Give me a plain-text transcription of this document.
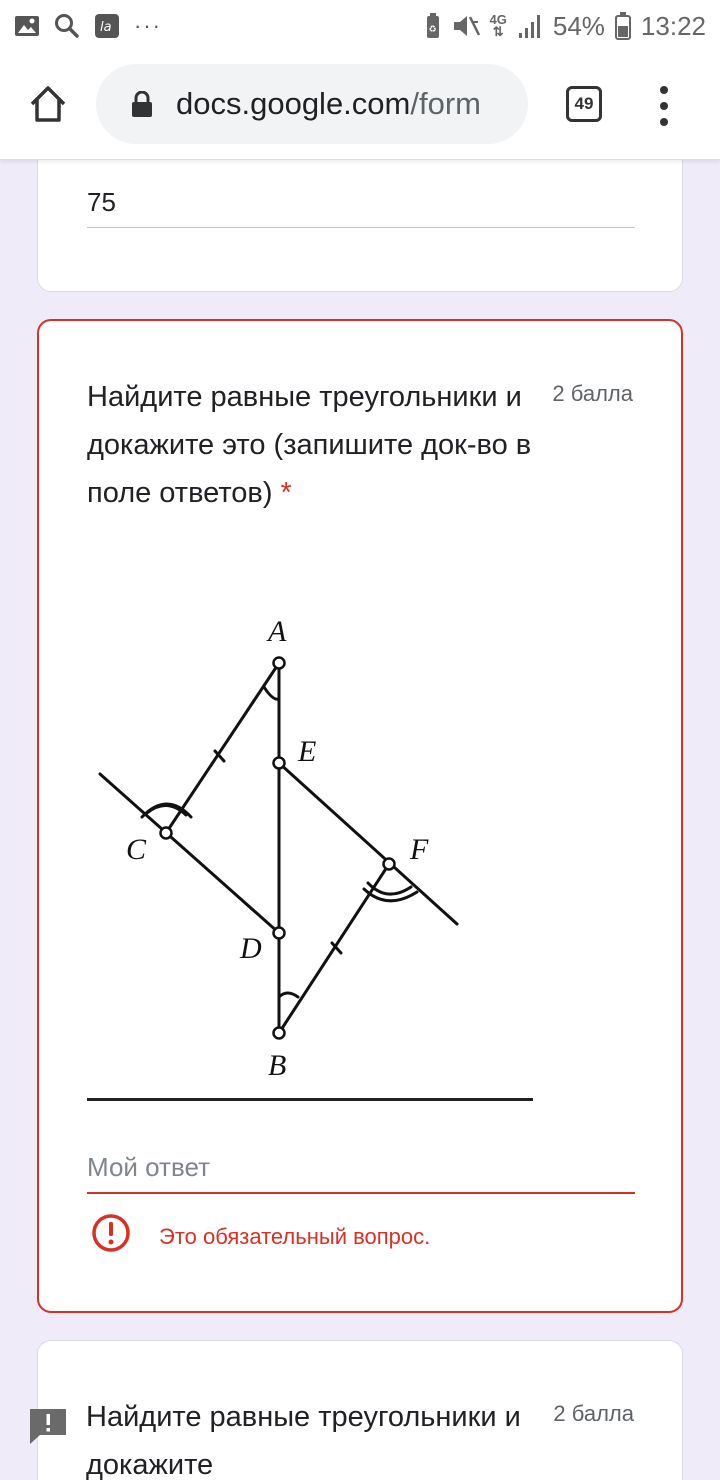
la ···	♻
4G
⇅ 54% 13:22
docs.google.com /form	49
75
Найдите равные треугольники и докажите это (запишите док-во в поле ответов) *
2 балла
A
E
C	F
D
B
Мой ответ
Это обязательный вопрос.
Найдите равные треугольники и докажите
2 балла
